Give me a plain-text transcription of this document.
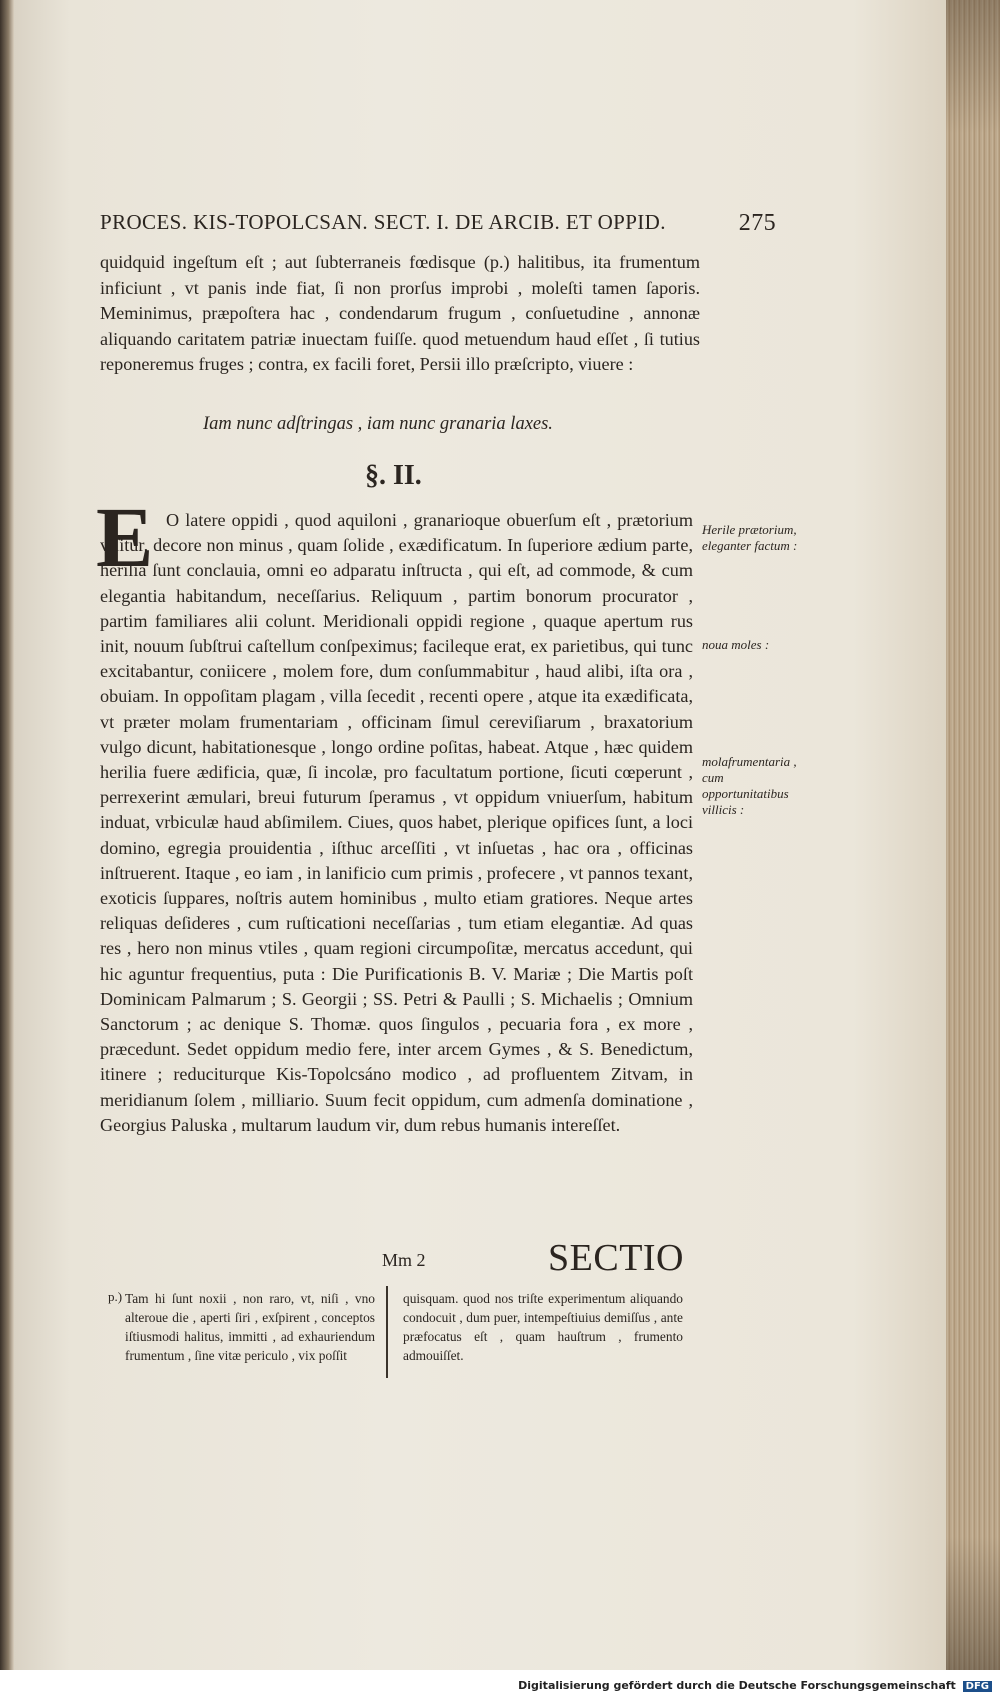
PROCES. KIS-TOPOLCSAN. SECT. I. DE ARCIB. ET OPPID.	275
quidquid ingeſtum eſt ; aut ſubterraneis fœdisque (p.) halitibus, ita frumentum inficiunt , vt panis inde fiat, ſi non prorſus improbi , moleſti tamen ſaporis. Meminimus, præpoſtera hac , condendarum frugum , conſuetudine , annonæ aliquando caritatem patriæ inuectam fuiſſe. quod metuendum haud eſſet , ſi tutius reponeremus fruges ; contra, ex facili foret, Persii illo præſcripto, viuere :
Iam nunc adſtringas , iam nunc granaria laxes.
§. II.
E O latere oppidi , quod aquiloni , granarioque obuerſum eſt , prætorium viſitur, decore non minus , quam ſolide , exædificatum. In ſuperiore ædium parte, herilia ſunt conclauia, omni eo adparatu inſtructa , qui eſt, ad commode, & cum elegantia habitandum, neceſſarius. Reliquum , partim bonorum procurator , partim familiares alii colunt. Meridionali oppidi regione , quaque apertum rus init, nouum ſubſtrui caſtellum conſpeximus; facileque erat, ex parietibus, qui tunc excitabantur, coniicere , molem fore, dum conſummabitur , haud alibi, iſta ora , obuiam. In oppoſitam plagam , villa ſecedit , recenti opere , atque ita exædificata, vt præter molam frumentariam , officinam ſimul cereviſiarum , braxatorium vulgo dicunt, habitationesque , longo ordine poſitas, habeat. Atque , hæc quidem herilia fuere ædificia, quæ, ſi incolæ, pro facultatum portione, ſicuti cœperunt , perrexerint æmulari, breui futurum ſperamus , vt oppidum vniuerſum, habitum induat, vrbiculæ haud abſimilem. Ciues, quos habet, plerique opifices ſunt, a loci domino, egregia prouidentia , iſthuc arceſſiti , vt inſuetas , hac ora , officinas inſtruerent. Itaque , eo iam , in lanificio cum primis , profecere , vt pannos texant, exoticis ſuppares, noſtris autem hominibus , multo etiam gratiores. Neque artes reliquas deſideres , cum ruſticationi neceſſarias , tum etiam elegantiæ. Ad quas res , hero non minus vtiles , quam regioni circumpoſitæ, mercatus accedunt, qui hic aguntur frequentius, puta : Die Purificationis B. V. Mariæ ; Die Martis poſt Dominicam Palmarum ; S. Georgii ; SS. Petri & Paulli ; S. Michaelis ; Omnium Sanctorum ; ac denique S. Thomæ. quos ſingulos , pecuaria fora , ex more , præcedunt. Sedet oppidum medio fere, inter arcem Gymes , & S. Benedictum, itinere ; reduciturque Kis-Topolcsáno modico , ad profluentem Zitvam, in meridianum ſolem , milliario. Suum fecit oppidum, cum admenſa dominatione , Georgius Paluska , multarum laudum vir, dum rebus humanis intereſſet.
Herile prætorium, eleganter factum :
noua moles :
molafrumentaria , cum opportunitatibus villicis :
Mm 2	SECTIO
p.) Tam hi ſunt noxii , non raro, vt, niſi , vno alteroue die , aperti ſiri , exſpirent , conceptos iſtiusmodi halitus, immitti , ad exhauriendum frumentum , ſine vitæ periculo , vix poſſit
quisquam. quod nos triſte experimentum aliquando condocuit , dum puer, intempeſtiuius demiſſus , ante præfocatus eſt , quam hauſtrum , frumento admouiſſet.
Digitalisierung gefördert durch die Deutsche Forschungsgemeinschaft DFG
